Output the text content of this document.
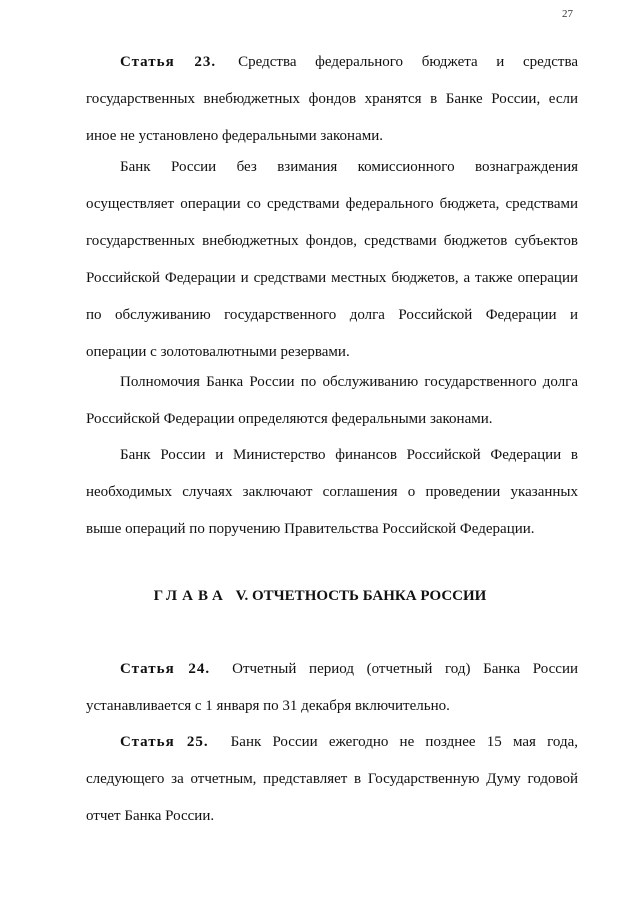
27

Статья 23. Средства федерального бюджета и средства государственных внебюджетных фондов хранятся в Банке России, если иное не установлено федеральными законами.

Банк России без взимания комиссионного вознаграждения осуществляет операции со средствами федерального бюджета, средствами государственных внебюджетных фондов, средствами бюджетов субъектов Российской Федерации и средствами местных бюджетов, а также операции по обслуживанию государственного долга Российской Федерации и операции с золотовалютными резервами.

Полномочия Банка России по обслуживанию государственного долга Российской Федерации определяются федеральными законами.

Банк России и Министерство финансов Российской Федерации в необходимых случаях заключают соглашения о проведении указанных выше операций по поручению Правительства Российской Федерации.

ГЛАВА V. ОТЧЕТНОСТЬ БАНКА РОССИИ

Статья 24. Отчетный период (отчетный год) Банка России устанавливается с 1 января по 31 декабря включительно.

Статья 25. Банк России ежегодно не позднее 15 мая года, следующего за отчетным, представляет в Государственную Думу годовой отчет Банка России.
